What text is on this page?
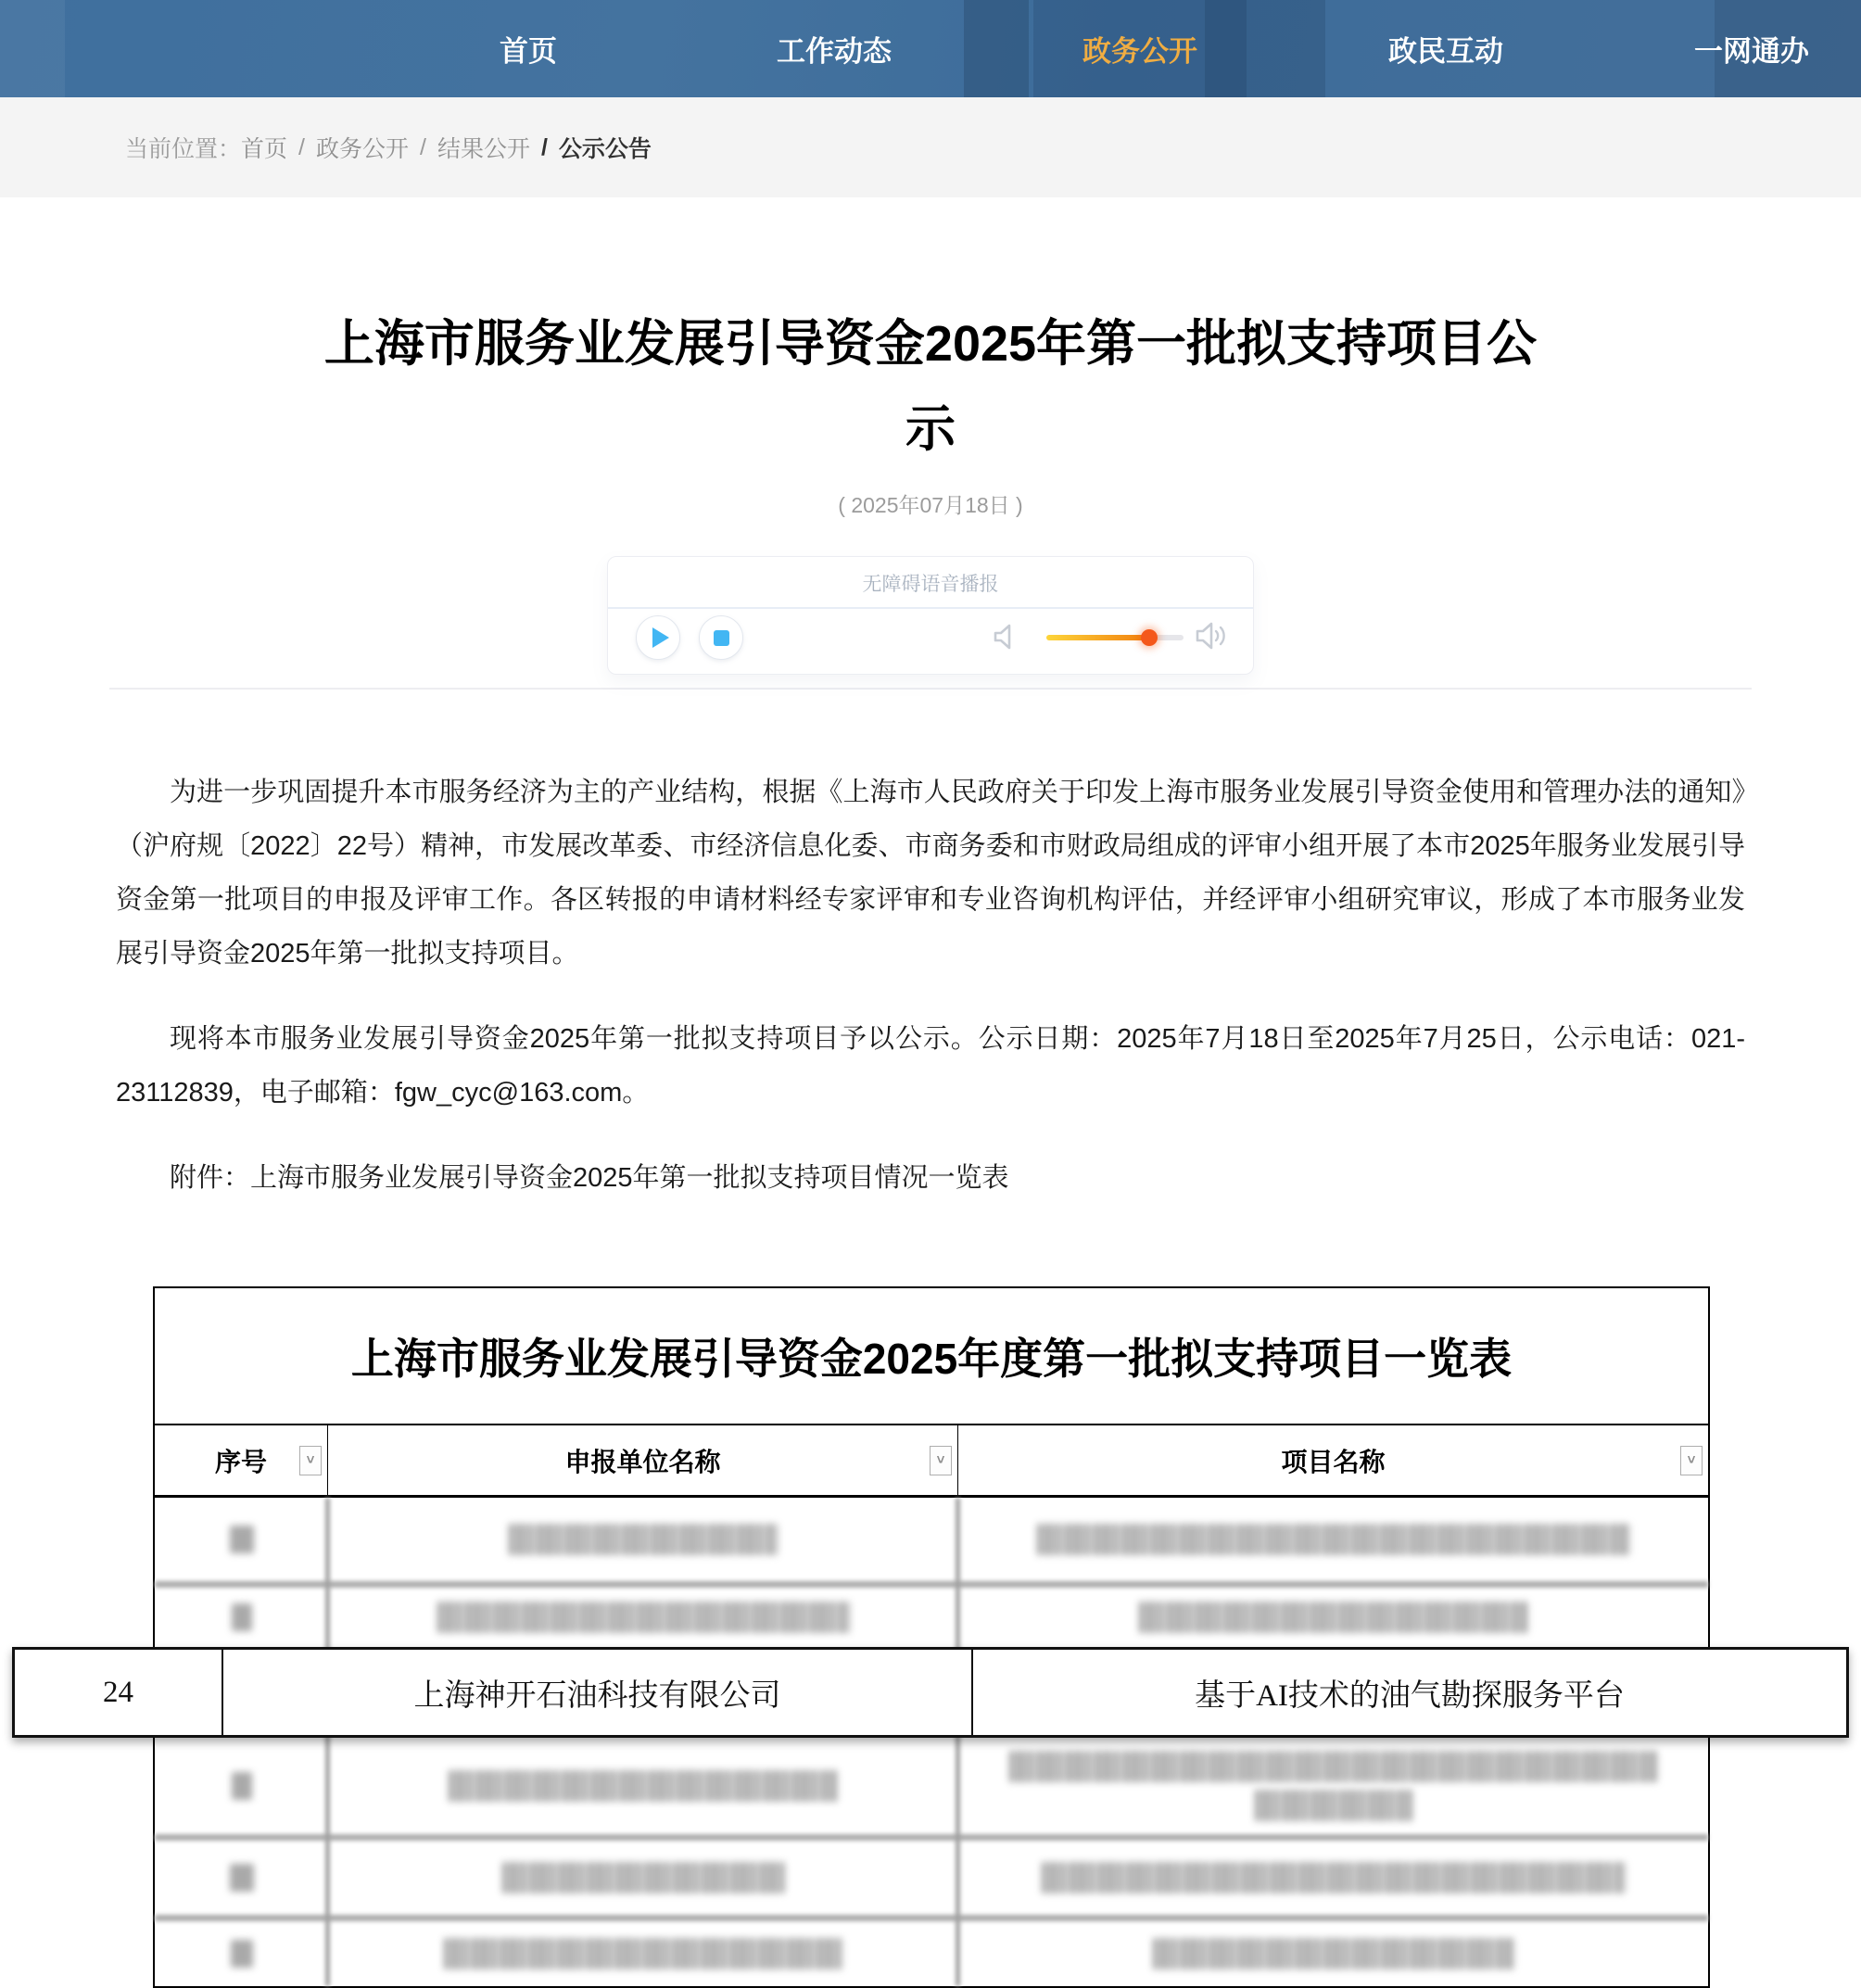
首页	工作动态	政务公开	政民互动	一网通办
当前位置： 首页 / 政务公开 / 结果公开 / 公示公告
上海市服务业发展引导资金2025年第一批拟支持项目公示
( 2025年07月18日 )
无障碍语音播报

为进一步巩固提升本市服务经济为主的产业结构，根据《上海市人民政府关于印发上海市服务业发展引导资金使用和管理办法的通知》（沪府规〔2022〕22号）精神，市发展改革委、市经济信息化委、市商务委和市财政局组成的评审小组开展了本市2025年服务业发展引导资金第一批项目的申报及评审工作。各区转报的申请材料经专家评审和专业咨询机构评估，并经评审小组研究审议，形成了本市服务业发展引导资金2025年第一批拟支持项目。

现将本市服务业发展引导资金2025年第一批拟支持项目予以公示。公示日期：2025年7月18日至2025年7月25日，公示电话：021-23112839，电子邮箱：fgw_cyc@163.com。

附件：上海市服务业发展引导资金2025年第一批拟支持项目情况一览表

上海市服务业发展引导资金2025年度第一批拟支持项目一览表
序号	˅	申报单位名称	˅	项目名称	˅
24	上海神开石油科技有限公司	基于AI技术的油气勘探服务平台
